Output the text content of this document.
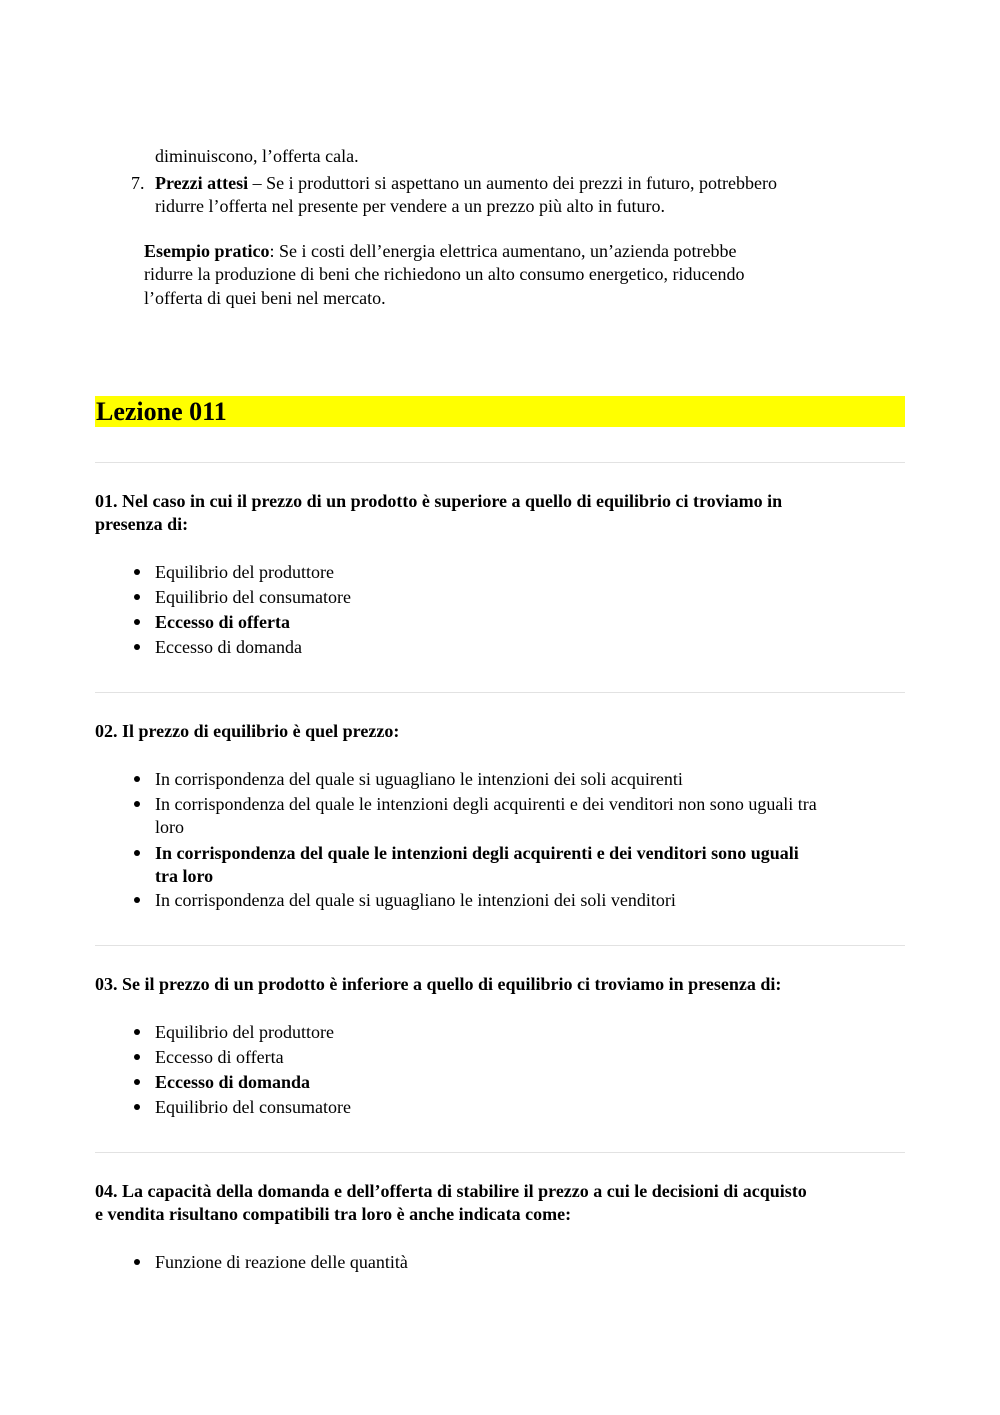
diminuiscono, l’offerta cala.
7. Prezzi attesi – Se i produttori si aspettano un aumento dei prezzi in futuro, potrebbero
ridurre l’offerta nel presente per vendere a un prezzo più alto in futuro.
Esempio pratico: Se i costi dell’energia elettrica aumentano, un’azienda potrebbe
ridurre la produzione di beni che richiedono un alto consumo energetico, riducendo
l’offerta di quei beni nel mercato.
Lezione 011
01. Nel caso in cui il prezzo di un prodotto è superiore a quello di equilibrio ci troviamo in
presenza di:
Equilibrio del produttore
Equilibrio del consumatore
Eccesso di offerta
Eccesso di domanda
02. Il prezzo di equilibrio è quel prezzo:
In corrispondenza del quale si uguagliano le intenzioni dei soli acquirenti
In corrispondenza del quale le intenzioni degli acquirenti e dei venditori non sono uguali tra
loro
In corrispondenza del quale le intenzioni degli acquirenti e dei venditori sono uguali
tra loro
In corrispondenza del quale si uguagliano le intenzioni dei soli venditori
03. Se il prezzo di un prodotto è inferiore a quello di equilibrio ci troviamo in presenza di:
Equilibrio del produttore
Eccesso di offerta
Eccesso di domanda
Equilibrio del consumatore
04. La capacità della domanda e dell’offerta di stabilire il prezzo a cui le decisioni di acquisto
e vendita risultano compatibili tra loro è anche indicata come:
Funzione di reazione delle quantità
